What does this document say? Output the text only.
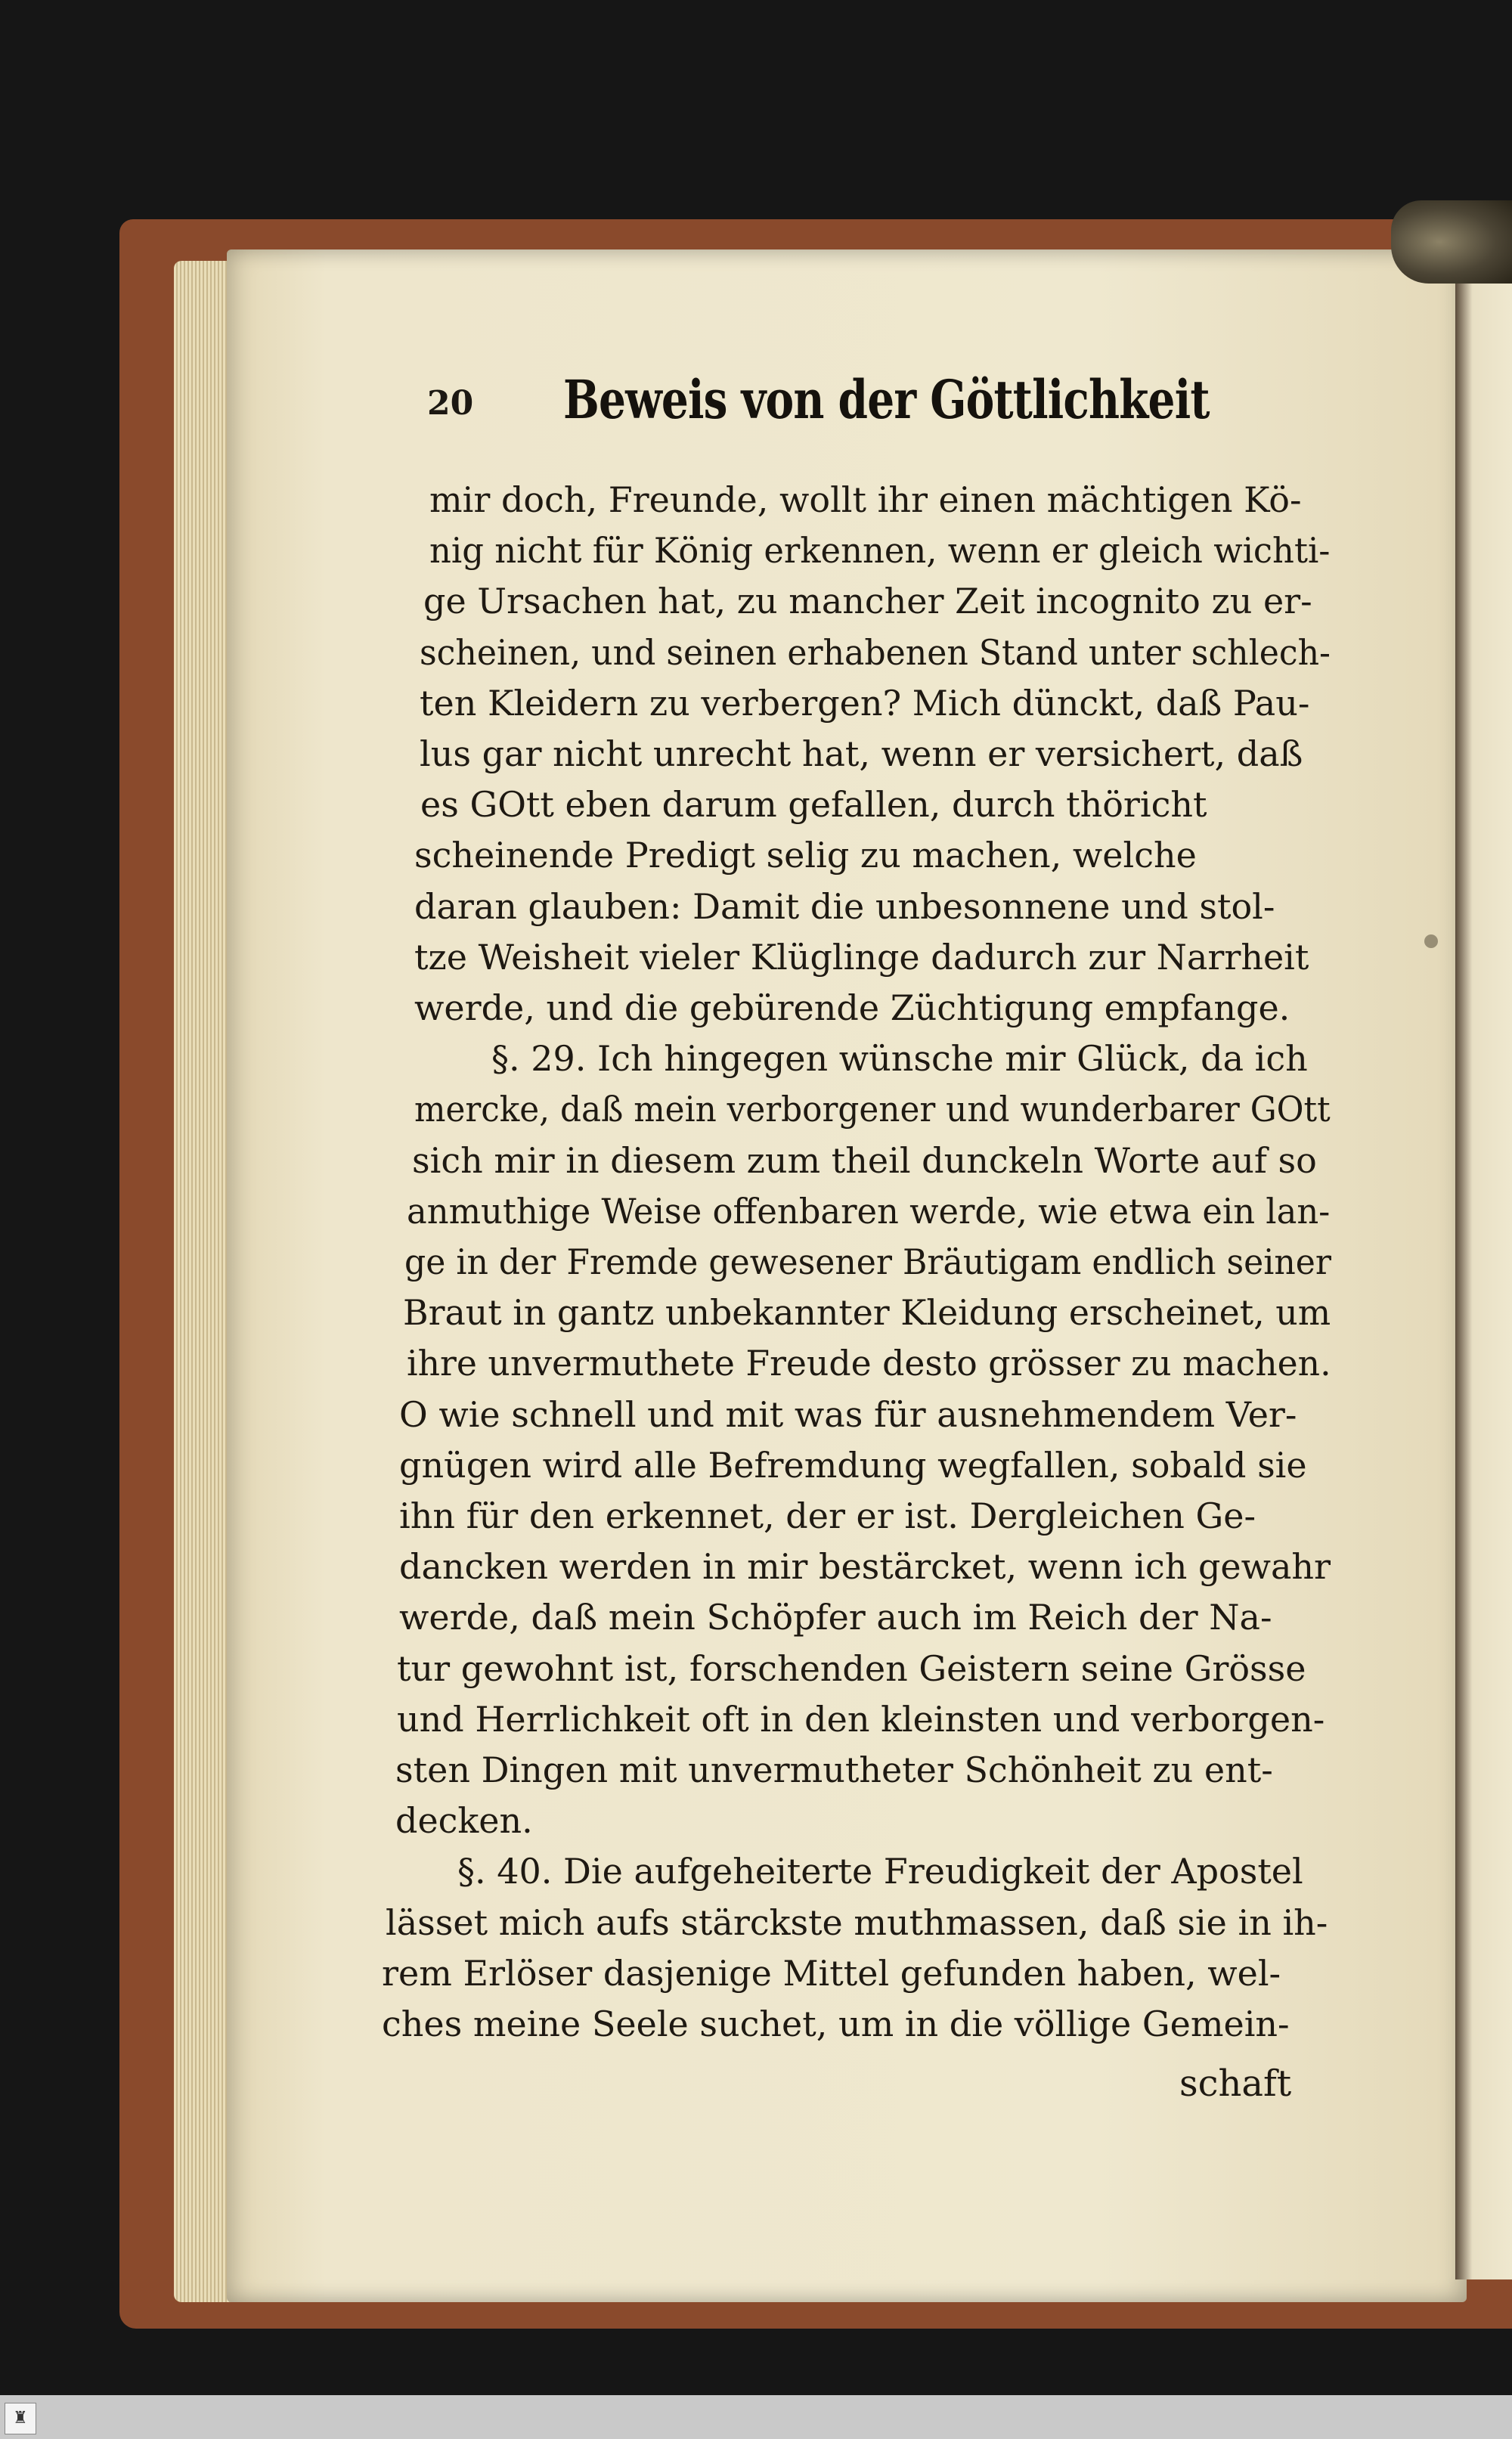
20 Beweis von der Göttlichkeit
mir doch, Freunde, wollt ihr einen mächtigen Kö-
nig nicht für König erkennen, wenn er gleich wichti-
ge Ursachen hat, zu mancher Zeit incognito zu er-
scheinen, und seinen erhabenen Stand unter schlech-
ten Kleidern zu verbergen? Mich dünckt, daß Pau-
lus gar nicht unrecht hat, wenn er versichert, daß
es GOtt eben darum gefallen, durch thöricht
scheinende Predigt selig zu machen, welche
daran glauben: Damit die unbesonnene und stol-
tze Weisheit vieler Klüglinge dadurch zur Narrheit
werde, und die gebürende Züchtigung empfange.
§. 29. Ich hingegen wünsche mir Glück, da ich
mercke, daß mein verborgener und wunderbarer GOtt
sich mir in diesem zum theil dunckeln Worte auf so
anmuthige Weise offenbaren werde, wie etwa ein lan-
ge in der Fremde gewesener Bräutigam endlich seiner
Braut in gantz unbekannter Kleidung erscheinet, um
ihre unvermuthete Freude desto grösser zu machen.
O wie schnell und mit was für ausnehmendem Ver-
gnügen wird alle Befremdung wegfallen, sobald sie
ihn für den erkennet, der er ist. Dergleichen Ge-
dancken werden in mir bestärcket, wenn ich gewahr
werde, daß mein Schöpfer auch im Reich der Na-
tur gewohnt ist, forschenden Geistern seine Grösse
und Herrlichkeit oft in den kleinsten und verborgen-
sten Dingen mit unvermutheter Schönheit zu ent-
decken.
§. 40. Die aufgeheiterte Freudigkeit der Apostel
lässet mich aufs stärckste muthmassen, daß sie in ih-
rem Erlöser dasjenige Mittel gefunden haben, wel-
ches meine Seele suchet, um in die völlige Gemein-
schaft
♜
